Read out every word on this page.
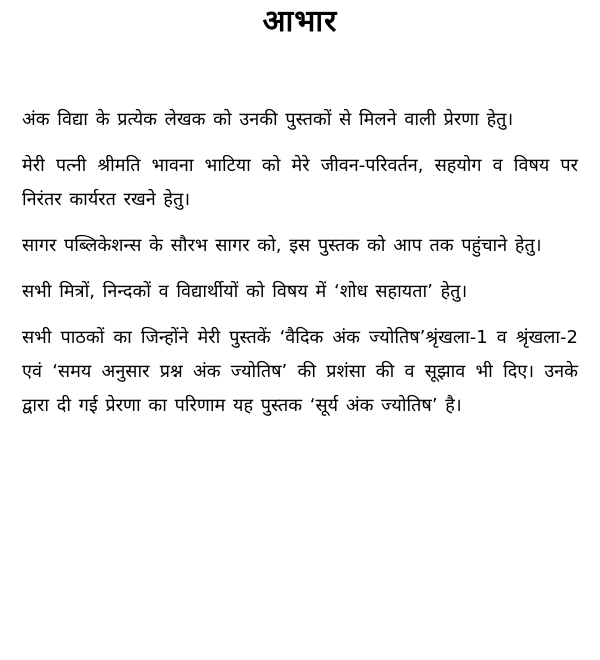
आभार

अंक विद्या के प्रत्येक लेखक को उनकी पुस्तकों से मिलने वाली प्रेरणा हेतु।

मेरी पत्नी श्रीमति भावना भाटिया को मेरे जीवन-परिवर्तन, सहयोग व विषय पर निरंतर कार्यरत रखने हेतु।

सागर पब्लिकेशन्स के सौरभ सागर को, इस पुस्तक को आप तक पहुंचाने हेतु।

सभी मित्रों, निन्दकों व विद्यार्थीयों को विषय में ‘शोध सहायता’ हेतु।

सभी पाठकों का जिन्होंने मेरी पुस्तकें ‘वैदिक अंक ज्योतिष’श्रृंखला-1 व श्रृंखला-2 एवं ‘समय अनुसार प्रश्न अंक ज्योतिष’ की प्रशंसा की व सूझाव भी दिए। उनके द्वारा दी गई प्रेरणा का परिणाम यह पुस्तक ‘सूर्य अंक ज्योतिष’ है।
